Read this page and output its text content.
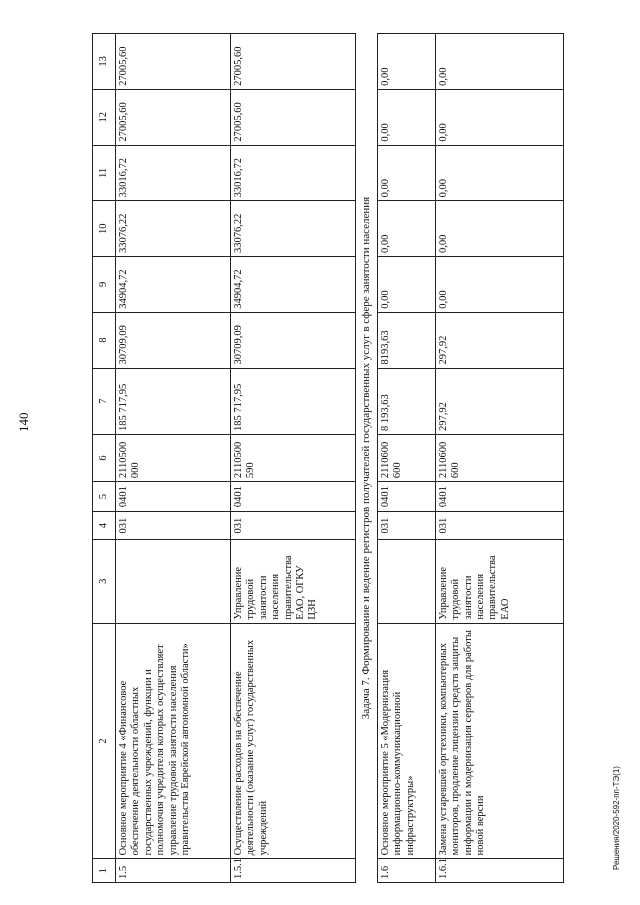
140
Решения/2020-592-пп-ТЭ(1)
1	2	3	4	5	6	7	8	9	10	11	12	13
1.5	Основное мероприятие 4 «Финансовое обеспечение деятельности областных государственных учреждений, функции и полномочия учредителя которых осуществляет управление трудовой занятости населения правительства Еврейской автономной области»		031	0401	2110500 000	185 717,95	30709,09	34904,72	33076,22	33016,72	27005,60	27005,60
1.5.1	Осуществление расходов на обеспечение деятельности (оказание услуг) государственных учреждений	Управление трудовой занятости населения правительства ЕАО, ОГКУ ЦЗН	031	0401	2110500 590	185 717,95	30709,09	34904,72	33076,22	33016,72	27005,60	27005,60
Задача 7. Формирование и ведение регистров получателей государственных услуг в сфере занятости населения												
1.6	Основное мероприятие 5 «Модернизация информационно-коммуникационной инфраструктуры»		031	0401	2110600 600	8 193,63	8193,63	0,00	0,00	0,00	0,00	0,00
1.6.1	Замена устаревшей оргтехники, компьютерных мониторов, продление лицензии средств защиты информации и модернизация серверов для работы новой версии	Управление трудовой занятости населения правительства ЕАО	031	0401	2110600 600	297,92	297,92	0,00	0,00	0,00	0,00	0,00
